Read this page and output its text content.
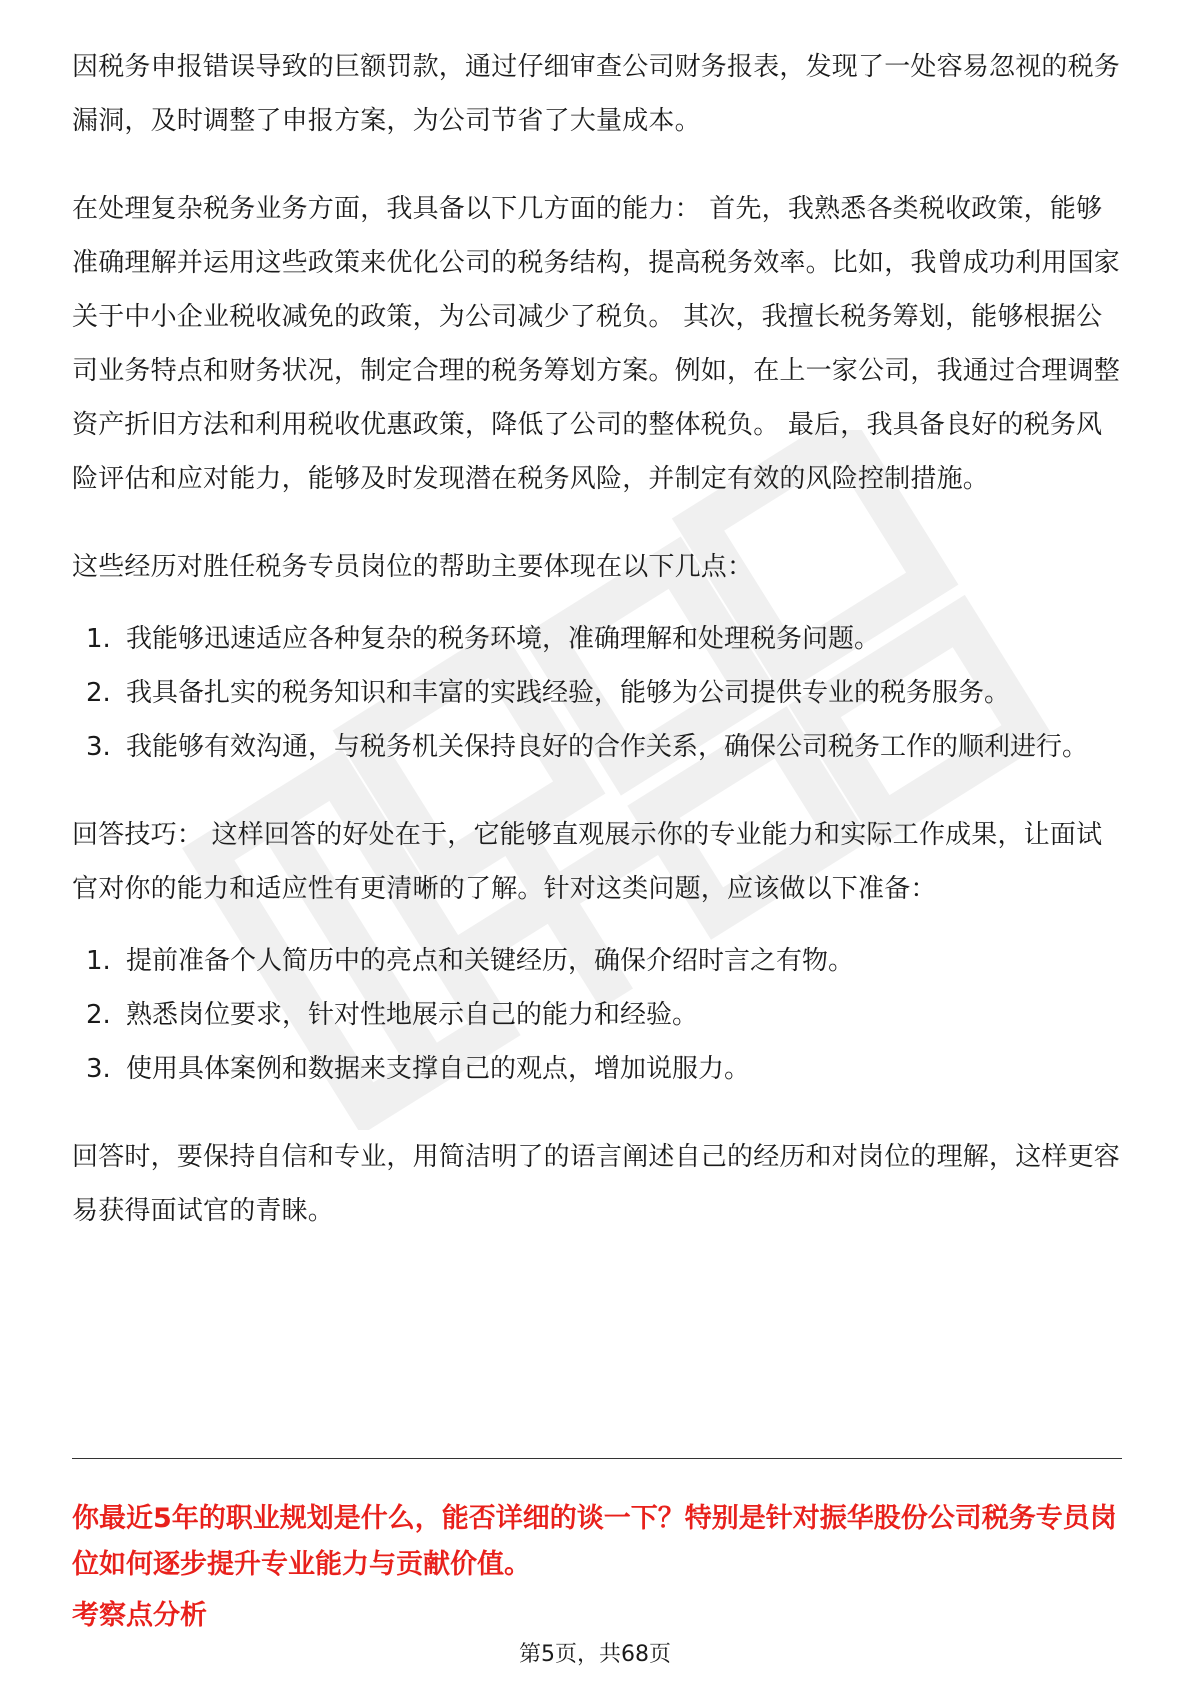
因税务申报错误导致的巨额罚款，通过仔细审查公司财务报表，发现了一处容易忽视的税务漏洞，及时调整了申报方案，为公司节省了大量成本。

在处理复杂税务业务方面，我具备以下几方面的能力： 首先，我熟悉各类税收政策，能够准确理解并运用这些政策来优化公司的税务结构，提高税务效率。比如，我曾成功利用国家关于中小企业税收减免的政策，为公司减少了税负。 其次，我擅长税务筹划，能够根据公司业务特点和财务状况，制定合理的税务筹划方案。例如，在上一家公司，我通过合理调整资产折旧方法和利用税收优惠政策，降低了公司的整体税负。 最后，我具备良好的税务风险评估和应对能力，能够及时发现潜在税务风险，并制定有效的风险控制措施。

这些经历对胜任税务专员岗位的帮助主要体现在以下几点：

1. 我能够迅速适应各种复杂的税务环境，准确理解和处理税务问题。
2. 我具备扎实的税务知识和丰富的实践经验，能够为公司提供专业的税务服务。
3. 我能够有效沟通，与税务机关保持良好的合作关系，确保公司税务工作的顺利进行。

回答技巧： 这样回答的好处在于，它能够直观展示你的专业能力和实际工作成果，让面试官对你的能力和适应性有更清晰的了解。针对这类问题，应该做以下准备：

1. 提前准备个人简历中的亮点和关键经历，确保介绍时言之有物。
2. 熟悉岗位要求，针对性地展示自己的能力和经验。
3. 使用具体案例和数据来支撑自己的观点，增加说服力。

回答时，要保持自信和专业，用简洁明了的语言阐述自己的经历和对岗位的理解，这样更容易获得面试官的青睐。

你最近5年的职业规划是什么，能否详细的谈一下？特别是针对振华股份公司税务专员岗位如何逐步提升专业能力与贡献价值。
考察点分析
第5页，共68页
